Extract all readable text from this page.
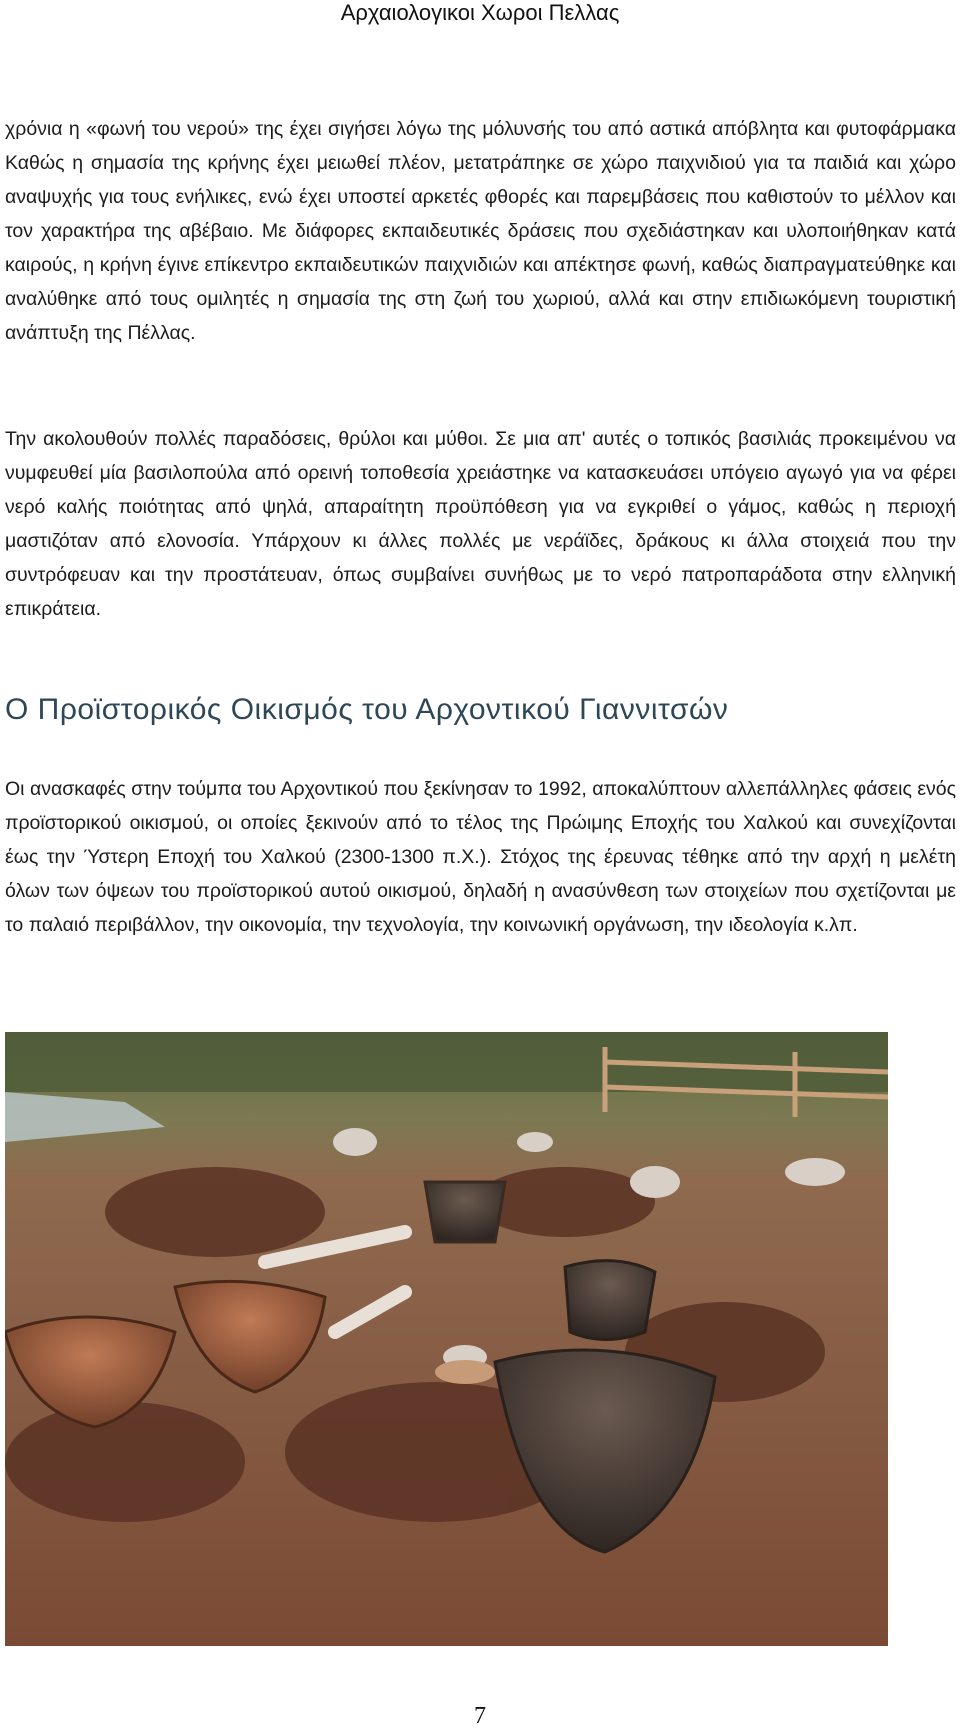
Αρχαιολογικοι Χωροι Πελλας

χρόνια η «φωνή του νερού» της έχει σιγήσει λόγω της μόλυνσής του από αστικά απόβλητα και φυτοφάρμακα Καθώς η σημασία της κρήνης έχει μειωθεί πλέον, μετατράπηκε σε χώρο παιχνιδιού για τα παιδιά και χώρο αναψυχής για τους ενήλικες, ενώ έχει υποστεί αρκετές φθορές και παρεμβάσεις που καθιστούν το μέλλον και τον χαρακτήρα της αβέβαιο. Με διάφορες εκπαιδευτικές δράσεις που σχεδιάστηκαν και υλοποιήθηκαν κατά καιρούς, η κρήνη έγινε επίκεντρο εκπαιδευτικών παιχνιδιών και απέκτησε φωνή, καθώς διαπραγματεύθηκε και αναλύθηκε από τους ομιλητές η σημασία της στη ζωή του χωριού, αλλά και στην επιδιωκόμενη τουριστική ανάπτυξη της Πέλλας.

Την ακολουθούν πολλές παραδόσεις, θρύλοι και μύθοι. Σε μια απ' αυτές ο τοπικός βασιλιάς προκειμένου να νυμφευθεί μία βασιλοπούλα από ορεινή τοποθεσία χρειάστηκε να κατασκευάσει υπόγειο αγωγό για να φέρει νερό καλής ποιότητας από ψηλά, απαραίτητη προϋπόθεση για να εγκριθεί ο γάμος, καθώς η περιοχή μαστιζόταν από ελονοσία. Υπάρχουν κι άλλες πολλές με νεράϊδες, δράκους κι άλλα στοιχειά που την συντρόφευαν και την προστάτευαν, όπως συμβαίνει συνήθως με το νερό πατροπαράδοτα στην ελληνική επικράτεια.

Ο Προϊστορικός Οικισμός του Αρχοντικού Γιαννιτσών

Οι ανασκαφές στην τούμπα του Αρχοντικού που ξεκίνησαν το 1992, αποκαλύπτουν αλλεπάλληλες φάσεις ενός προϊστορικού οικισμού, οι οποίες ξεκινούν από το τέλος της Πρώιμης Εποχής του Χαλκού και συνεχίζονται έως την Ύστερη Εποχή του Χαλκού (2300-1300 π.Χ.). Στόχος της έρευνας τέθηκε από την αρχή η μελέτη όλων των όψεων του προϊστορικού αυτού οικισμού, δηλαδή η ανασύνθεση των στοιχείων που σχετίζονται με το παλαιό περιβάλλον, την οικονομία, την τεχνολογία, την κοινωνική οργάνωση, την ιδεολογία κ.λπ.

7
